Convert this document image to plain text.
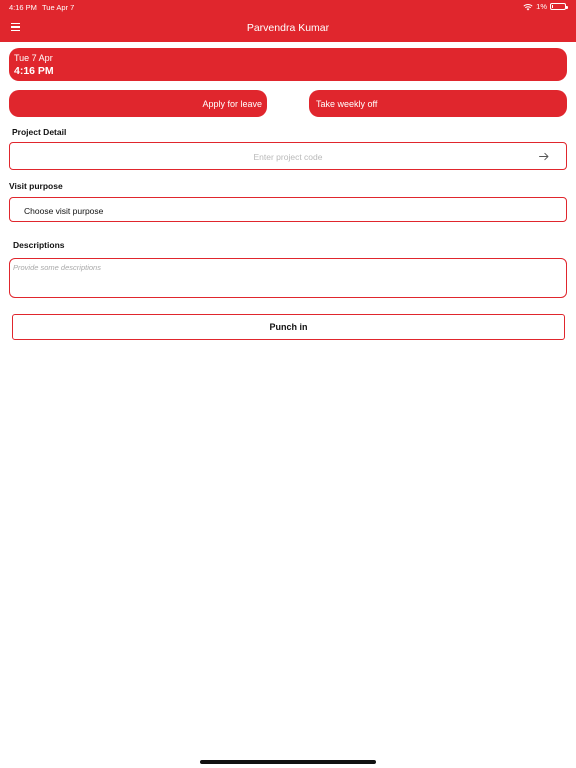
4:16 PM Tue Apr 7	1%
Parvendra Kumar
Tue 7 Apr
4:16 PM
Apply for leave	Take weekly off
Project Detail
Enter project code
Visit purpose
Choose visit purpose
Descriptions
Provide some descriptions
Punch in
